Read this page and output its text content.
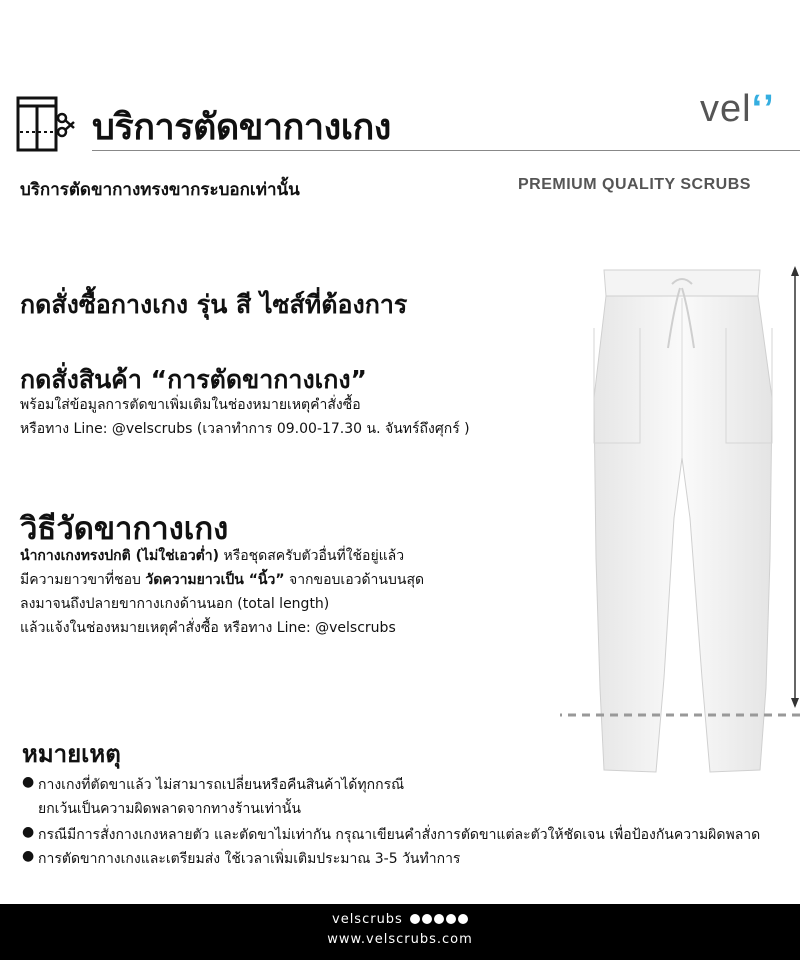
บริการตัดขากางเกง	velʻʼ
บริการตัดขากางทรงขากระบอกเท่านั้น	PREMIUM QUALITY SCRUBS
กดสั่งซื้อกางเกง รุ่น สี ไซส์ที่ต้องการ
กดสั่งสินค้า “การตัดขากางเกง”
พร้อมใส่ข้อมูลการตัดขาเพิ่มเติมในช่องหมายเหตุคำสั่งซื้อ
หรือทาง Line: @velscrubs (เวลาทำการ 09.00-17.30 น. จันทร์ถึงศุกร์ )
วิธีวัดขากางเกง
นำกางเกงทรงปกติ (ไม่ใช่เอวต่ำ) หรือชุดสครับตัวอื่นที่ใช้อยู่แล้ว
มีความยาวขาที่ชอบ วัดความยาวเป็น “นิ้ว” จากขอบเอวด้านบนสุด
ลงมาจนถึงปลายขากางเกงด้านนอก (total length)
แล้วแจ้งในช่องหมายเหตุคำสั่งซื้อ หรือทาง Line: @velscrubs
หมายเหตุ
● กางเกงที่ตัดขาแล้ว ไม่สามารถเปลี่ยนหรือคืนสินค้าได้ทุกกรณี
ยกเว้นเป็นความผิดพลาดจากทางร้านเท่านั้น
● กรณีมีการสั่งกางเกงหลายตัว และตัดขาไม่เท่ากัน กรุณาเขียนคำสั่งการตัดขาแต่ละตัวให้ชัดเจน เพื่อป้องกันความผิดพลาด
● การตัดขากางเกงและเตรียมส่ง ใช้เวลาเพิ่มเติมประมาณ 3-5 วันทำการ
velscrubs
www.velscrubs.com
